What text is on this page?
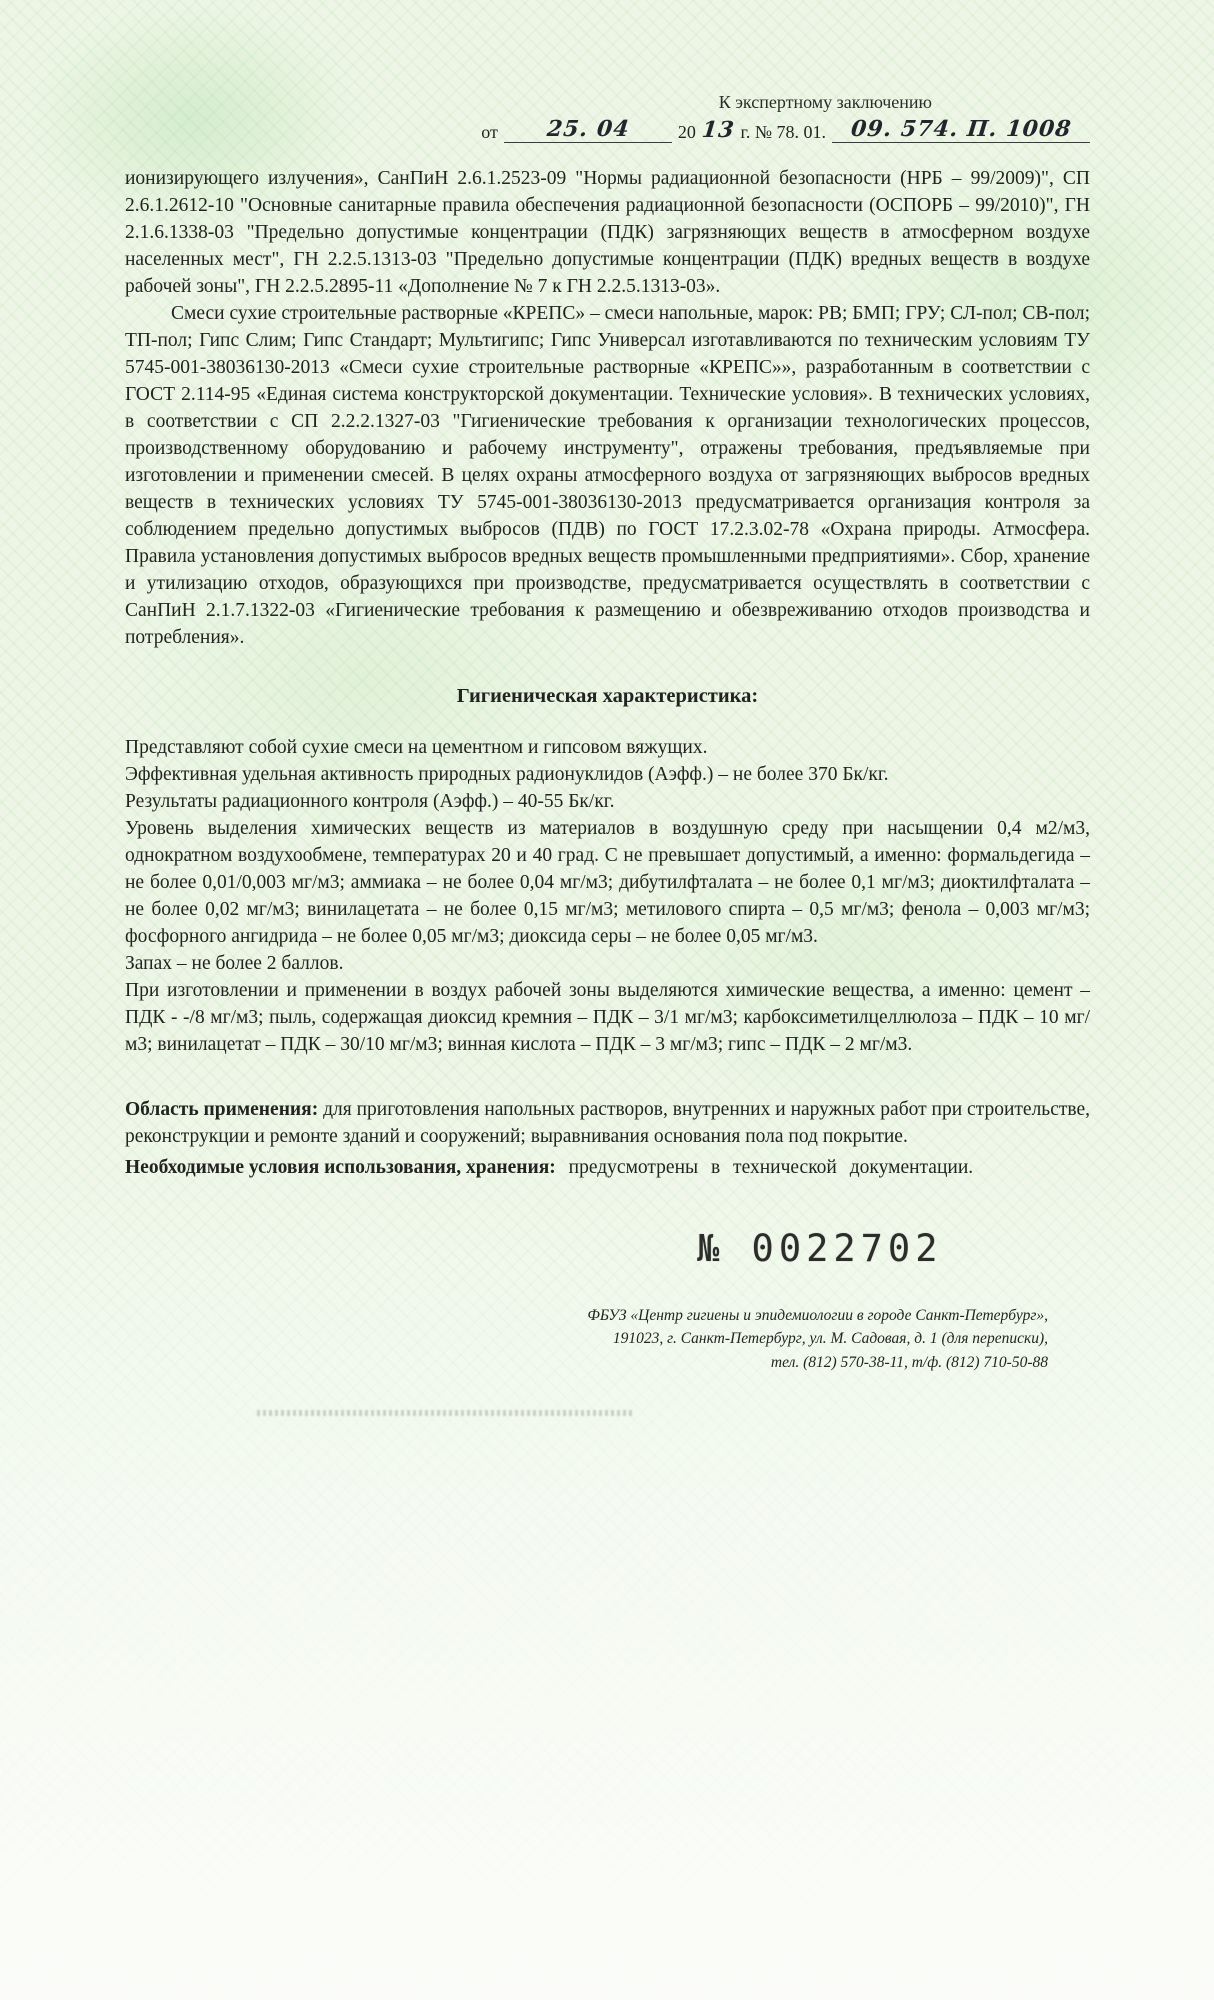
К экспертному заключению
от	25. 04	20 13 г. № 78. 01.	09. 574. П. 1008

ионизирующего излучения», СанПиН 2.6.1.2523-09 "Нормы радиационной безопасности (НРБ – 99/2009)", СП 2.6.1.2612-10 "Основные санитарные правила обеспечения радиационной безопасности (ОСПОРБ – 99/2010)", ГН 2.1.6.1338-03 "Предельно допустимые концентрации (ПДК) загрязняющих веществ в атмосферном воздухе населенных мест", ГН 2.2.5.1313-03 "Предельно допустимые концентрации (ПДК) вредных веществ в воздухе рабочей зоны", ГН 2.2.5.2895-11 «Дополнение № 7 к ГН 2.2.5.1313-03».

Смеси сухие строительные растворные «КРЕПС» – смеси напольные, марок: РВ; БМП; ГРУ; СЛ-пол; СВ-пол; ТП-пол; Гипс Слим; Гипс Стандарт; Мультигипс; Гипс Универсал изготавливаются по техническим условиям ТУ 5745-001-38036130-2013 «Смеси сухие строительные растворные «КРЕПС»», разработанным в соответствии с ГОСТ 2.114-95 «Единая система конструкторской документации. Технические условия». В технических условиях, в соответствии с СП 2.2.2.1327-03 "Гигиенические требования к организации технологических процессов, производственному оборудованию и рабочему инструменту", отражены требования, предъявляемые при изготовлении и применении смесей. В целях охраны атмосферного воздуха от загрязняющих выбросов вредных веществ в технических условиях ТУ 5745-001-38036130-2013 предусматривается организация контроля за соблюдением предельно допустимых выбросов (ПДВ) по ГОСТ 17.2.3.02-78 «Охрана природы. Атмосфера. Правила установления допустимых выбросов вредных веществ промышленными предприятиями». Сбор, хранение и утилизацию отходов, образующихся при производстве, предусматривается осуществлять в соответствии с СанПиН 2.1.7.1322-03 «Гигиенические требования к размещению и обезвреживанию отходов производства и потребления».

Гигиеническая характеристика:

Представляют собой сухие смеси на цементном и гипсовом вяжущих.

Эффективная удельная активность природных радионуклидов (Аэфф.) – не более 370 Бк/кг.

Результаты радиационного контроля (Аэфф.) – 40-55 Бк/кг.

Уровень выделения химических веществ из материалов в воздушную среду при насыщении 0,4 м2/м3, однократном воздухообмене, температурах 20 и 40 град. С не превышает допустимый, а именно: формальдегида – не более 0,01/0,003 мг/м3; аммиака – не более 0,04 мг/м3; дибутилфталата – не более 0,1 мг/м3; диоктилфталата – не более 0,02 мг/м3; винилацетата – не более 0,15 мг/м3; метилового спирта – 0,5 мг/м3; фенола – 0,003 мг/м3; фосфорного ангидрида – не более 0,05 мг/м3; диоксида серы – не более 0,05 мг/м3.

Запах – не более 2 баллов.

При изготовлении и применении в воздух рабочей зоны выделяются химические вещества, а именно: цемент – ПДК - -/8 мг/м3; пыль, содержащая диоксид кремния – ПДК – 3/1 мг/м3; карбоксиметилцеллюлоза – ПДК – 10 мг/м3; винилацетат – ПДК – 30/10 мг/м3; винная кислота – ПДК – 3 мг/м3; гипс – ПДК – 2 мг/м3.

Область применения: для приготовления напольных растворов, внутренних и наружных работ при строительстве, реконструкции и ремонте зданий и сооружений; выравнивания основания пола под покрытие.

Необходимые условия использования, хранения: предусмотрены в технической документации.

№ 0022702

ФБУЗ «Центр гигиены и эпидемиологии в городе Санкт-Петербург»,

191023, г. Санкт-Петербург, ул. М. Садовая, д. 1 (для переписки),

тел. (812) 570-38-11, т/ф. (812) 710-50-88
